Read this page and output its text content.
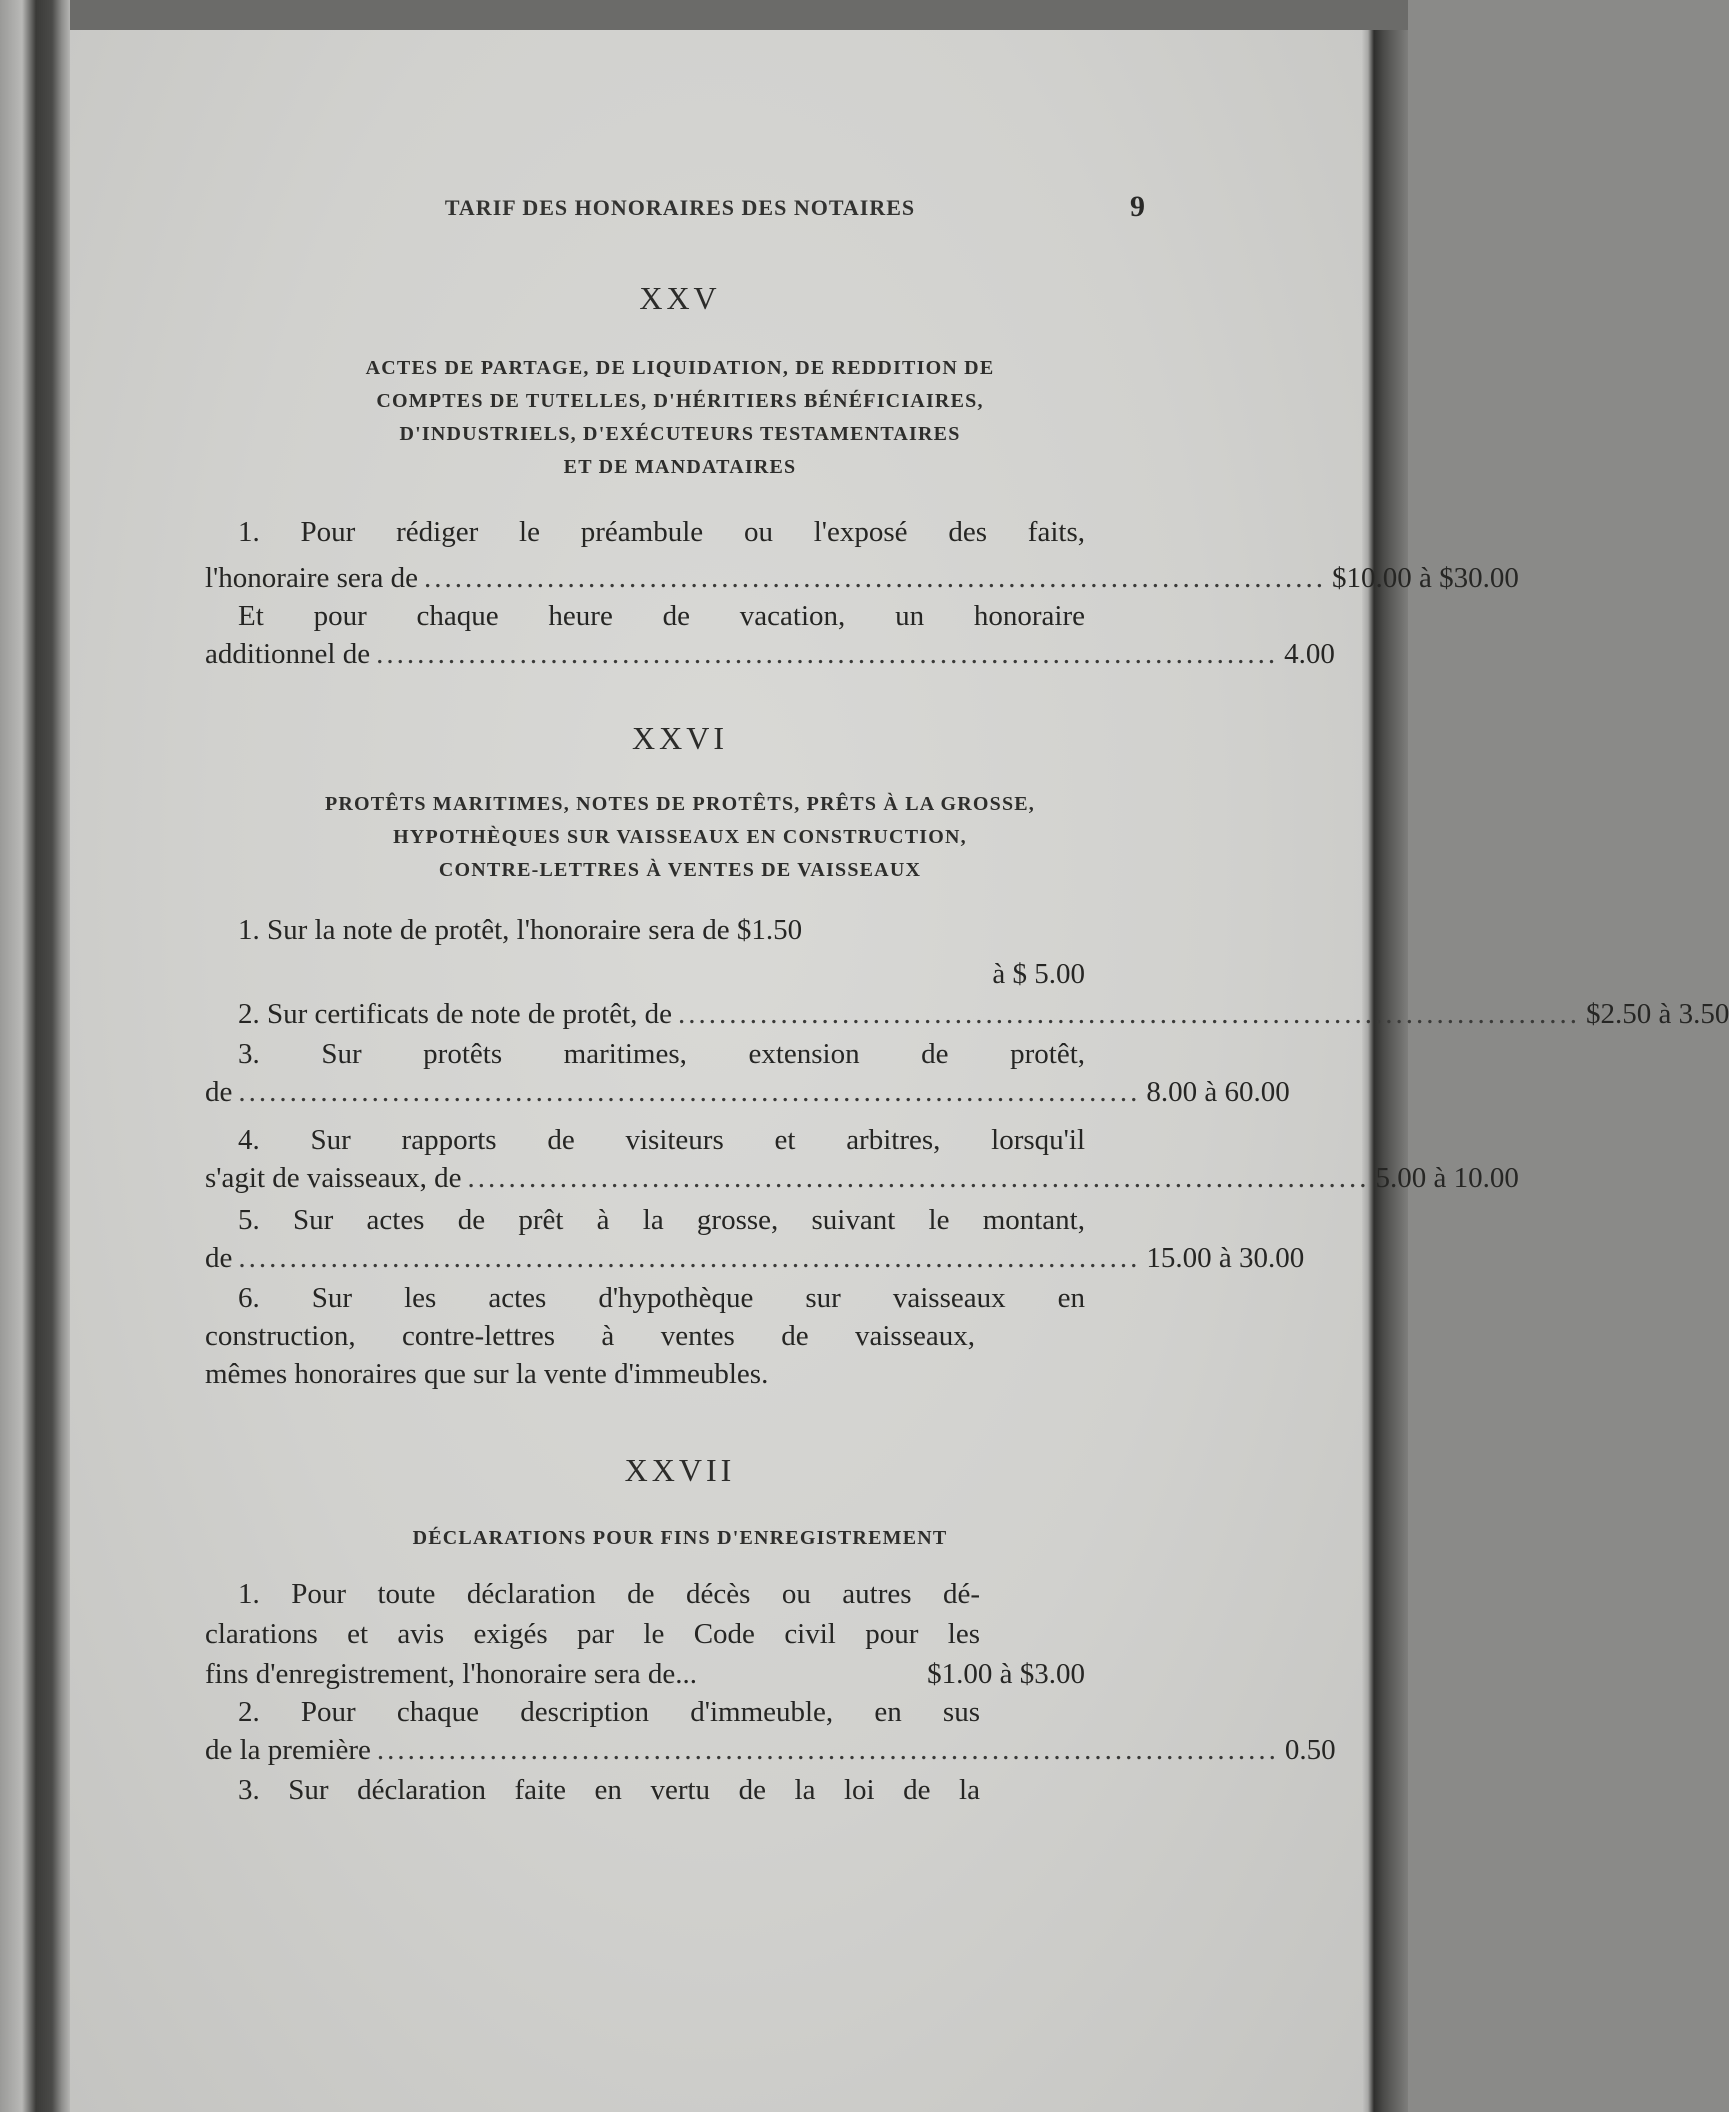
TARIF DES HONORAIRES DES NOTAIRES	9
XXV
ACTES DE PARTAGE, DE LIQUIDATION, DE REDDITION DE
COMPTES DE TUTELLES, D'HÉRITIERS BÉNÉFICIAIRES,
D'INDUSTRIELS, D'EXÉCUTEURS TESTAMENTAIRES
ET DE MANDATAIRES
1. Pour rédiger le préambule ou l'exposé des faits,
l'honoraire sera de ........................................................................................ $10.00 à $30.00
Et pour chaque heure de vacation, un honoraire
additionnel de ........................................................................................ 4.00
XXVI
PROTÊTS MARITIMES, NOTES DE PROTÊTS, PRÊTS À LA GROSSE,
HYPOTHÈQUES SUR VAISSEAUX EN CONSTRUCTION,
CONTRE-LETTRES À VENTES DE VAISSEAUX
1. Sur la note de protêt, l'honoraire sera de $1.50
à $ 5.00
2. Sur certificats de note de protêt, de ........................................................................................ $2.50 à 3.50
3. Sur protêts maritimes, extension de protêt,
de ........................................................................................ 8.00 à 60.00
4. Sur rapports de visiteurs et arbitres, lorsqu'il
s'agit de vaisseaux, de ........................................................................................ 5.00 à 10.00
5. Sur actes de prêt à la grosse, suivant le montant,
de ........................................................................................ 15.00 à 30.00
6. Sur les actes d'hypothèque sur vaisseaux en
construction, contre-lettres à ventes de vaisseaux,
mêmes honoraires que sur la vente d'immeubles.
XXVII
DÉCLARATIONS POUR FINS D'ENREGISTREMENT
1. Pour toute déclaration de décès ou autres dé-
clarations et avis exigés par le Code civil pour les
fins d'enregistrement, l'honoraire sera de...	$1.00 à $3.00
2. Pour chaque description d'immeuble, en sus
de la première ........................................................................................ 0.50
3. Sur déclaration faite en vertu de la loi de la
